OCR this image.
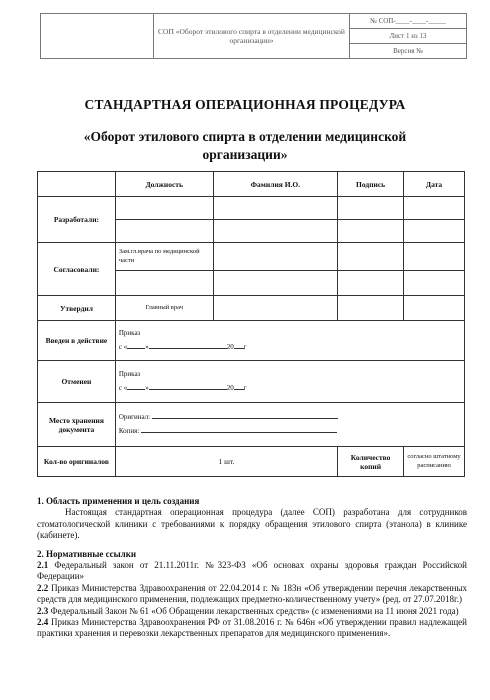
СОП «Оборот этилового спирта в отделении медицинской организации»
№ СОП-____-____-_____
Лист 1 из 13
Версия №
СТАНДАРТНАЯ ОПЕРАЦИОННАЯ ПРОЦЕДУРА
«Оборот этилового спирта в отделении медицинской организации»
	Должность	Фамилия И.О.	Подпись	Дата
Разработали:				

Согласовали:	Зам.гл.врача по медицинской части			

Утвердил	Главный врач			
Введен в действие	Приказ
с « » 20 г			

Отменен	Приказ
с « » 20 г			

Место хранения документа	Оригинал:
Копия:			

Кол-во оригиналов	1 шт.		Количество копий	согласно штатному расписанию

1. Область применения и цель создания

Настоящая стандартная операционная процедура (далее СОП) разработана для сотрудников стоматологической клиники с требованиями к порядку обращения этилового спирта (этанола) в клинике (кабинете).

2. Нормативные ссылки

2.1 Федеральный закон от 21.11.2011г. №323-ФЗ «Об основах охраны здоровья граждан Российской Федерации»

2.2 Приказ Министерства Здравоохранения от 22.04.2014 г. № 183н «Об утверждении перечня лекарственных средств для медицинского применения, подлежащих предметно-количественному учету» (ред. от 27.07.2018г.)

2.3 Федеральный Закон № 61 «Об Обращении лекарственных средств» (с изменениями на 11 июня 2021 года)

2.4 Приказ Министерства Здравоохранения РФ от 31.08.2016 г. № 646н «Об утверждении правил надлежащей практики хранения и перевозки лекарственных препаратов для медицинского применения».
